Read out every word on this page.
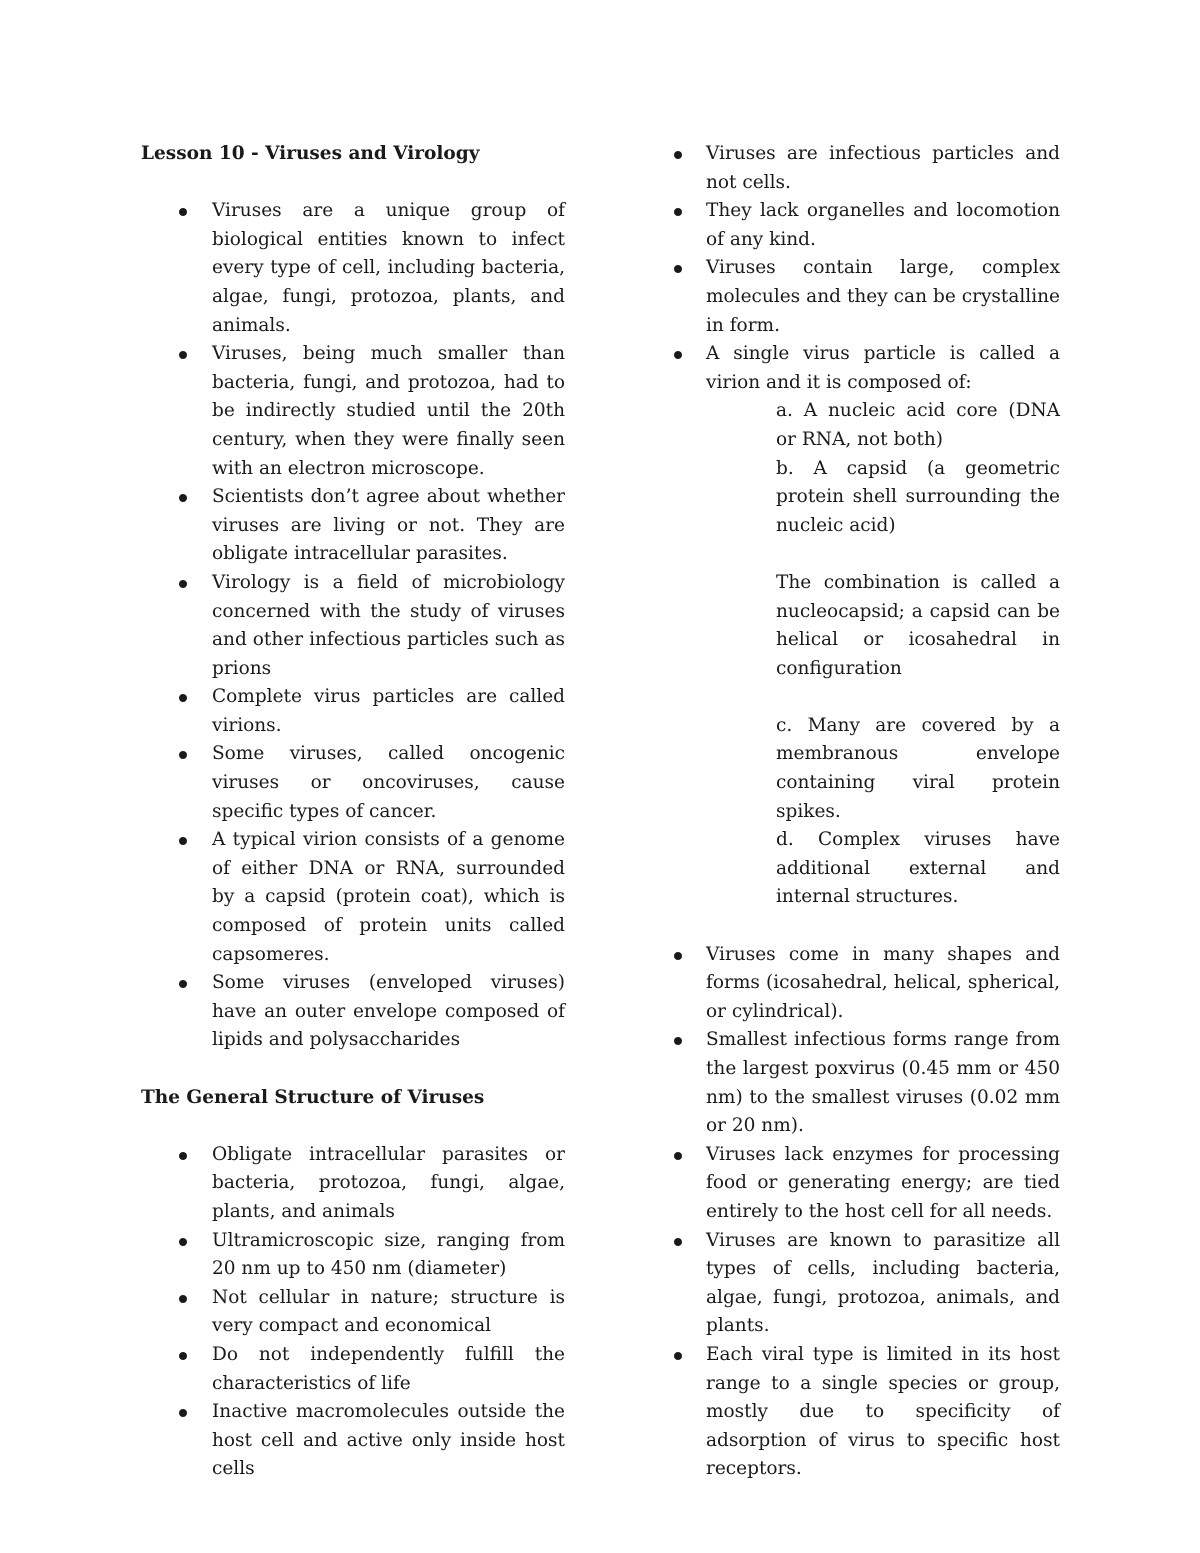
Lesson 10 - Viruses and Virology
Viruses are a unique group of biological entities known to infect every type of cell, including bacteria, algae, fungi, protozoa, plants, and animals.
Viruses, being much smaller than bacteria, fungi, and protozoa, had to be indirectly studied until the 20th century, when they were finally seen with an electron microscope.
Scientists don’t agree about whether viruses are living or not. They are obligate intracellular parasites.
Virology is a field of microbiology concerned with the study of viruses and other infectious particles such as prions
Complete virus particles are called virions.
Some viruses, called oncogenic viruses or oncoviruses, cause specific types of cancer.
A typical virion consists of a genome of either DNA or RNA, surrounded by a capsid (protein coat), which is composed of protein units called capsomeres.
Some viruses (enveloped viruses) have an outer envelope composed of lipids and polysaccharides
The General Structure of Viruses
Obligate intracellular parasites or bacteria, protozoa, fungi, algae, plants, and animals
Ultramicroscopic size, ranging from 20 nm up to 450 nm (diameter)
Not cellular in nature; structure is very compact and economical
Do not independently fulfill the characteristics of life
Inactive macromolecules outside the host cell and active only inside host cells
Viruses are infectious particles and not cells.
They lack organelles and locomotion of any kind.
Viruses contain large, complex molecules and they can be crystalline in form.
A single virus particle is called a virion and it is composed of:
a. A nucleic acid core (DNA or RNA, not both)
b. A capsid (a geometric protein shell surrounding the nucleic acid)
The combination is called a nucleocapsid; a capsid can be helical or icosahedral in configuration
c. Many are covered by a membranous envelope containing viral protein spikes.
d. Complex viruses have additional external and internal structures.
Viruses come in many shapes and forms (icosahedral, helical, spherical, or cylindrical).
Smallest infectious forms range from the largest poxvirus (0.45 mm or 450 nm) to the smallest viruses (0.02 mm or 20 nm).
Viruses lack enzymes for processing food or generating energy; are tied entirely to the host cell for all needs.
Viruses are known to parasitize all types of cells, including bacteria, algae, fungi, protozoa, animals, and plants.
Each viral type is limited in its host range to a single species or group, mostly due to specificity of adsorption of virus to specific host receptors.
